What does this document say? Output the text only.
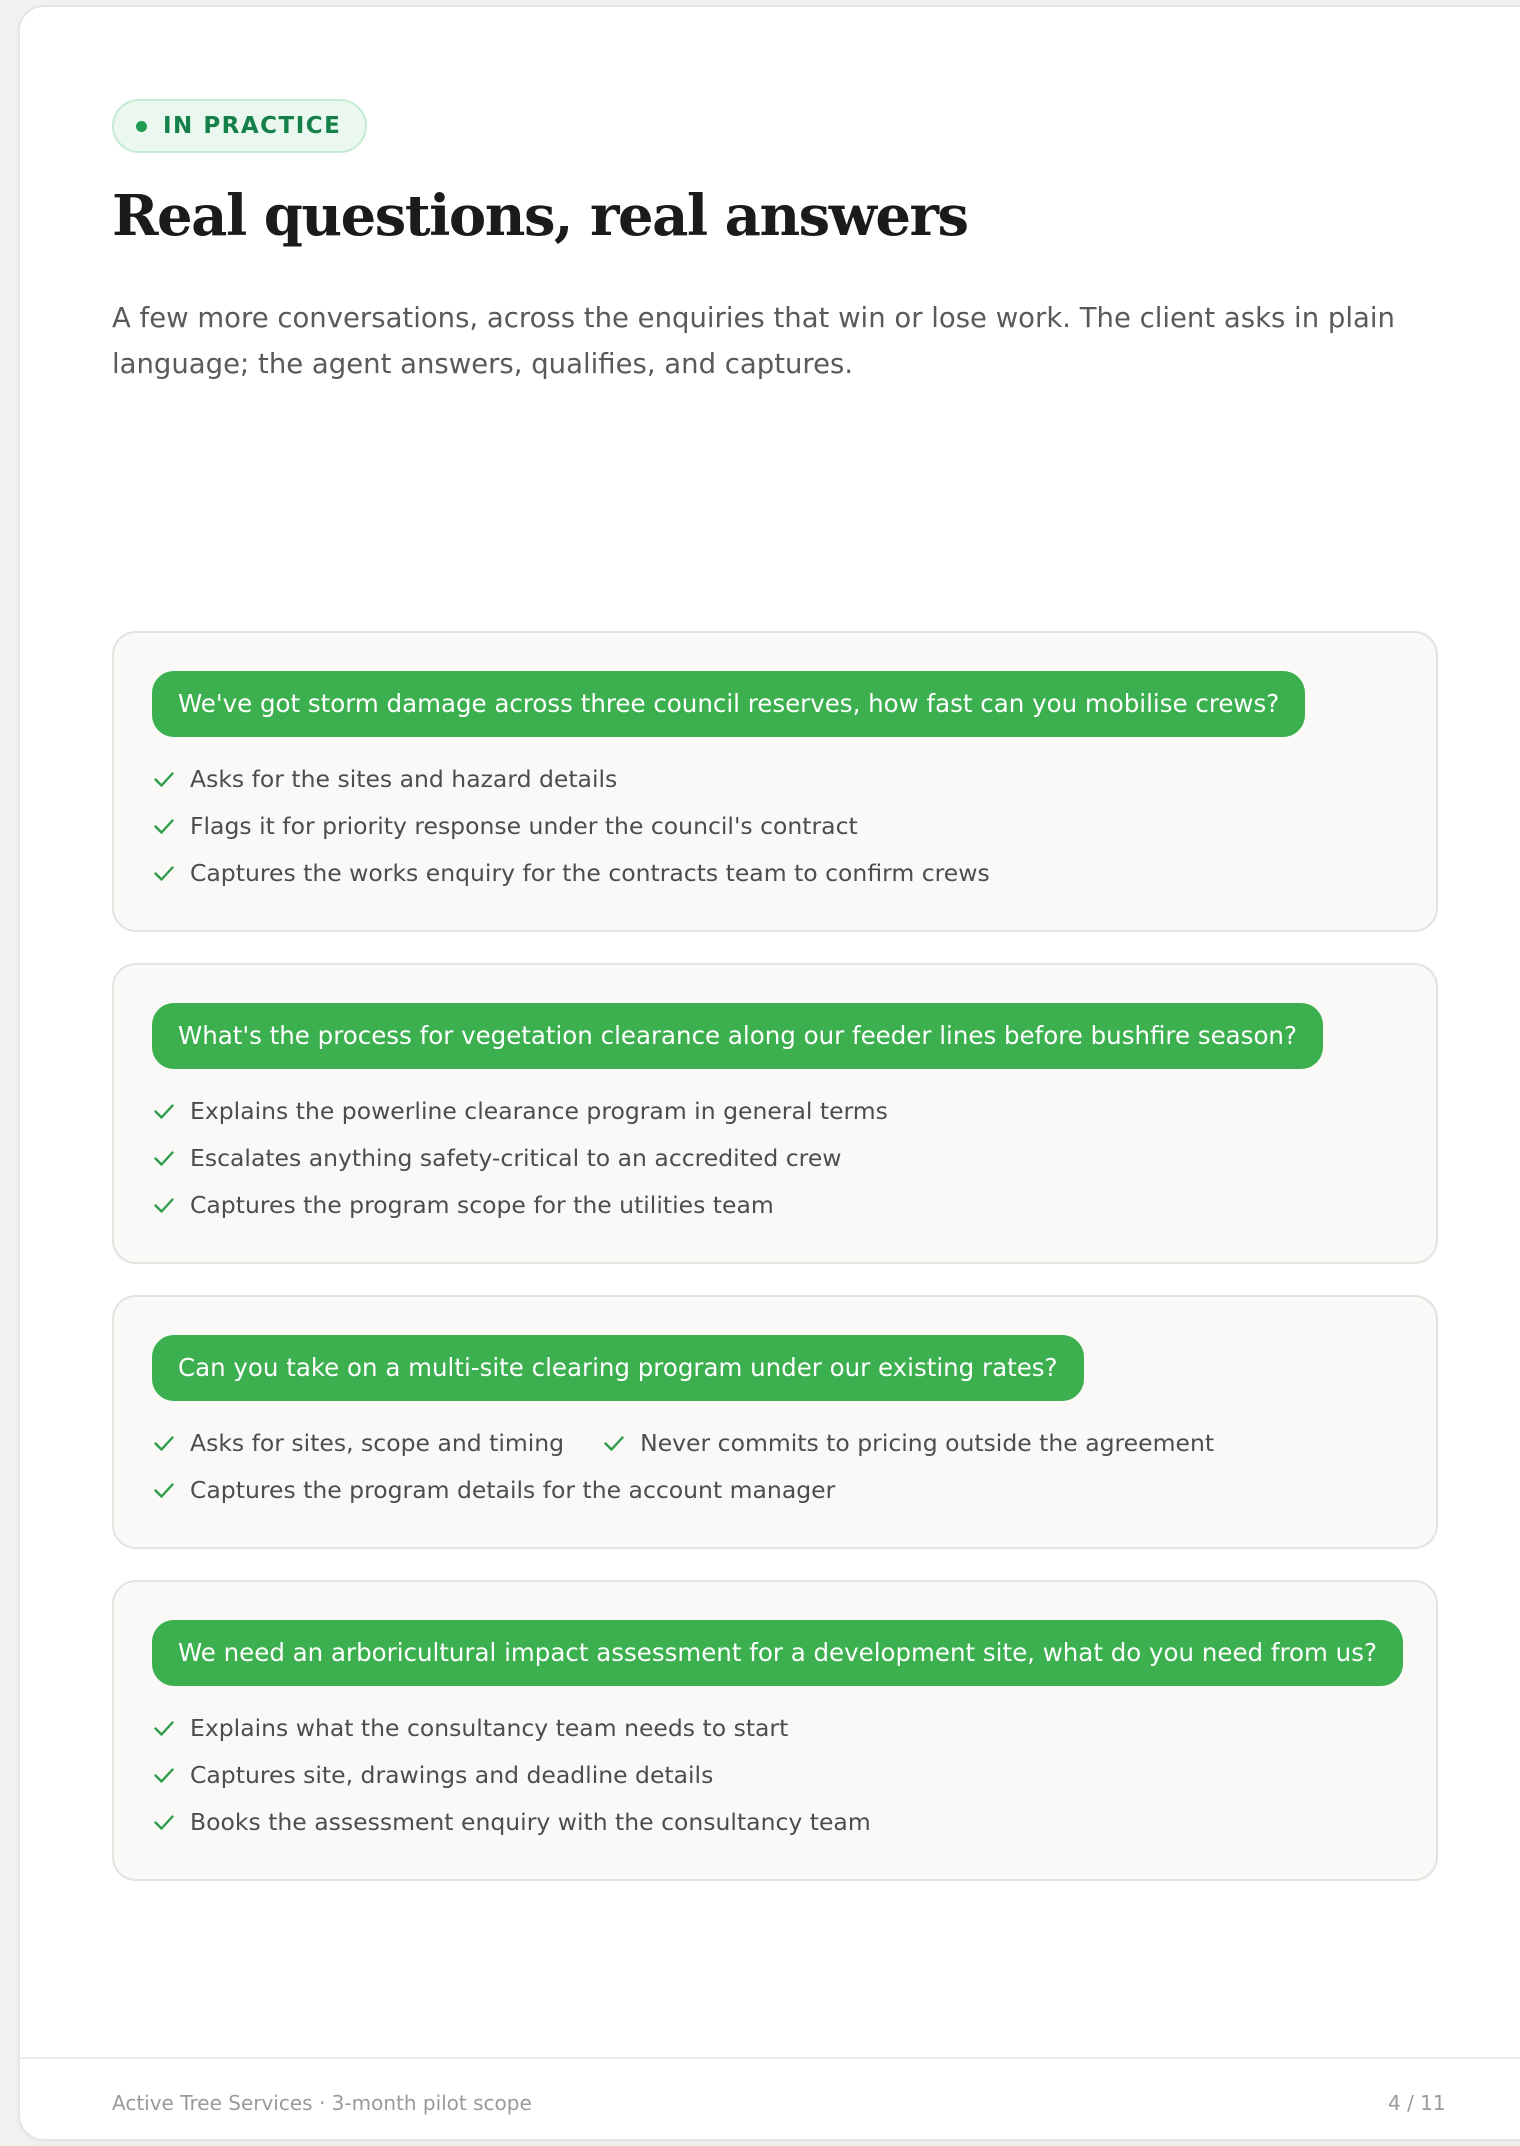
IN PRACTICE
Real questions, real answers

A few more conversations, across the enquiries that win or lose work. The client asks in plain language; the agent answers, qualifies, and captures.

We've got storm damage across three council reserves, how fast can you mobilise crews?
Asks for the sites and hazard details
Flags it for priority response under the council's contract
Captures the works enquiry for the contracts team to confirm crews
What's the process for vegetation clearance along our feeder lines before bushfire season?
Explains the powerline clearance program in general terms
Escalates anything safety-critical to an accredited crew
Captures the program scope for the utilities team
Can you take on a multi-site clearing program under our existing rates?
Asks for sites, scope and timing	Never commits to pricing outside the agreement
Captures the program details for the account manager
We need an arboricultural impact assessment for a development site, what do you need from us?
Explains what the consultancy team needs to start
Captures site, drawings and deadline details
Books the assessment enquiry with the consultancy team
Active Tree Services · 3-month pilot scope	4 / 11
